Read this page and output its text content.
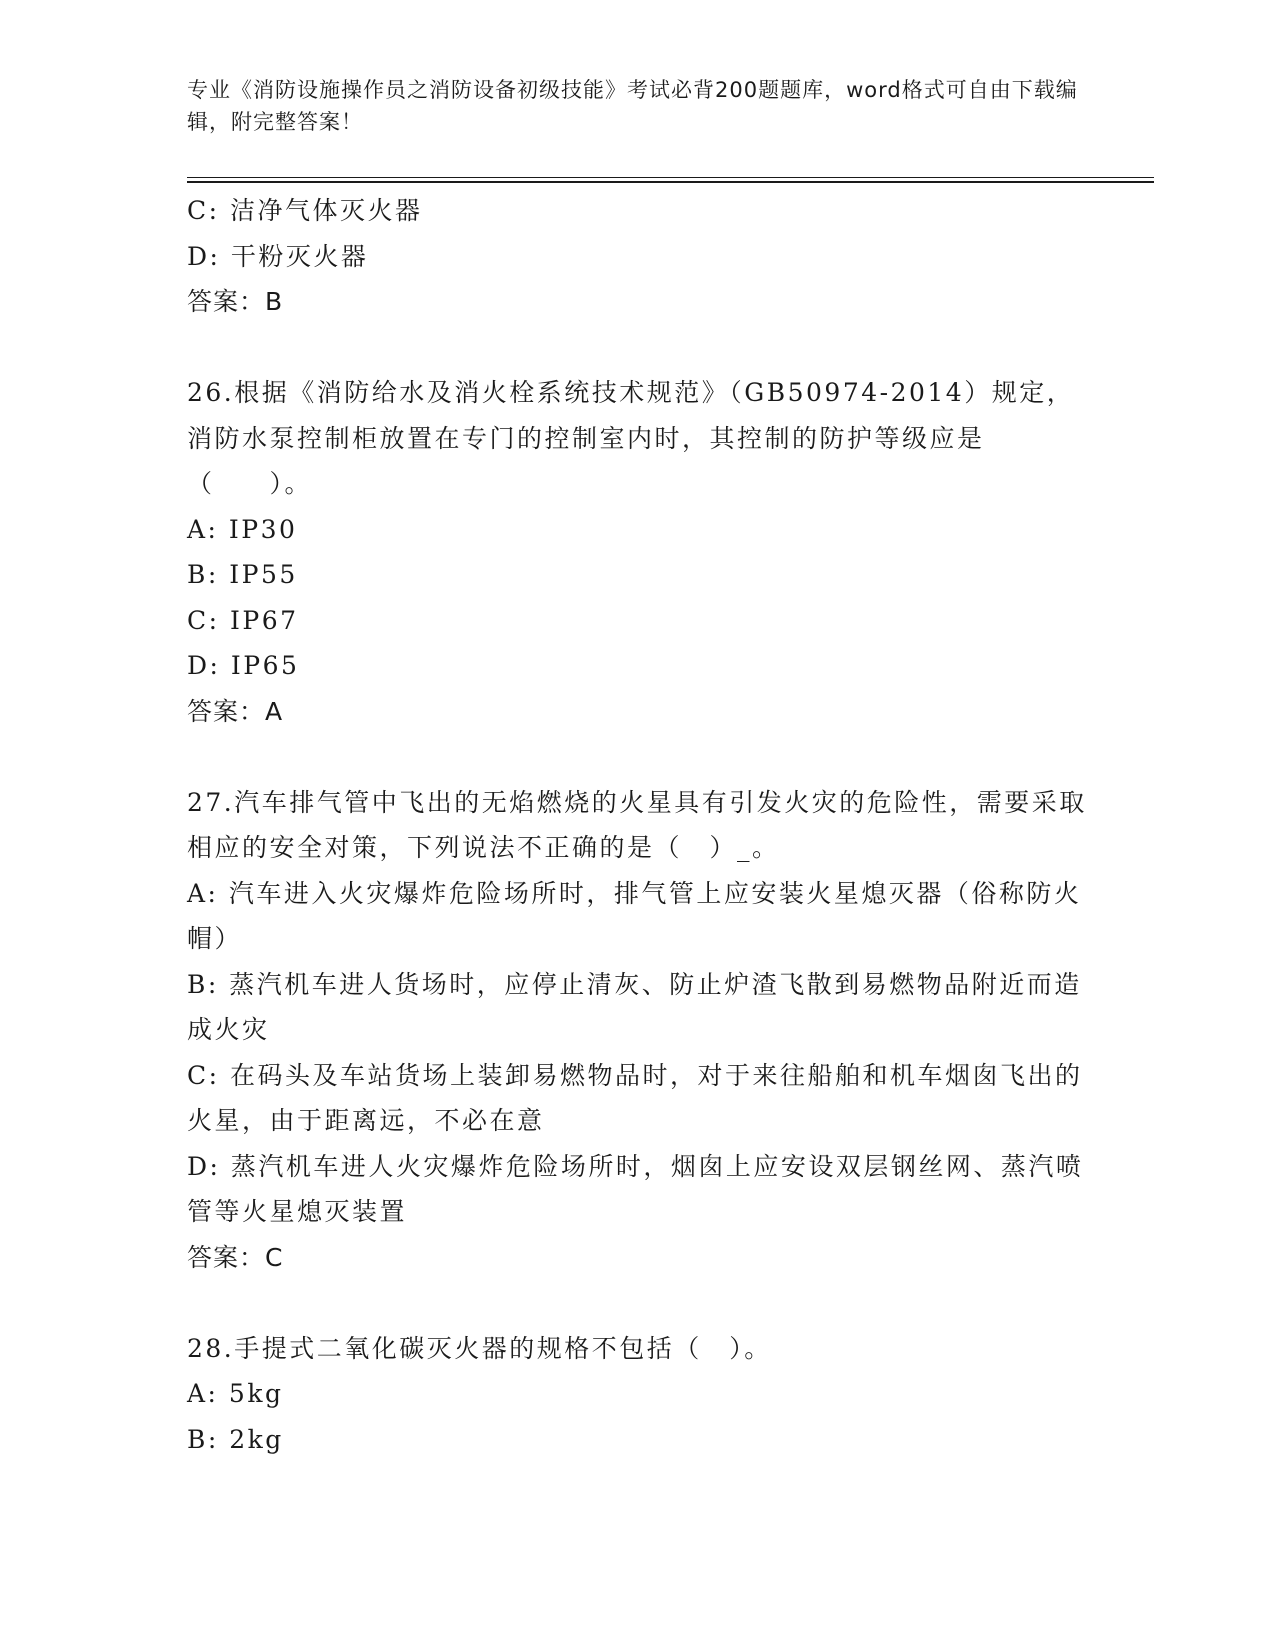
专业《消防设施操作员之消防设备初级技能》考试必背200题题库，word格式可自由下载编辑，附完整答案！
C: 洁净气体灭火器
D: 干粉灭火器
答案：B
26.根据《消防给水及消火栓系统技术规范》（GB50974-2014）规定，消防水泵控制柜放置在专门的控制室内时，其控制的防护等级应是（　　）。
A: IP30
B: IP55
C: IP67
D: IP65
答案：A
27.汽车排气管中飞出的无焰燃烧的火星具有引发火灾的危险性，需要采取相应的安全对策，下列说法不正确的是（　）_。
A: 汽车进入火灾爆炸危险场所时，排气管上应安装火星熄灭器（俗称防火帽）
B: 蒸汽机车进人货场时，应停止清灰、防止炉渣飞散到易燃物品附近而造成火灾
C: 在码头及车站货场上装卸易燃物品时，对于来往船舶和机车烟囱飞出的火星，由于距离远，不必在意
D: 蒸汽机车进人火灾爆炸危险场所时，烟囱上应安设双层钢丝网、蒸汽喷管等火星熄灭装置
答案：C
28.手提式二氧化碳灭火器的规格不包括（　）。
A: 5kg
B: 2kg
